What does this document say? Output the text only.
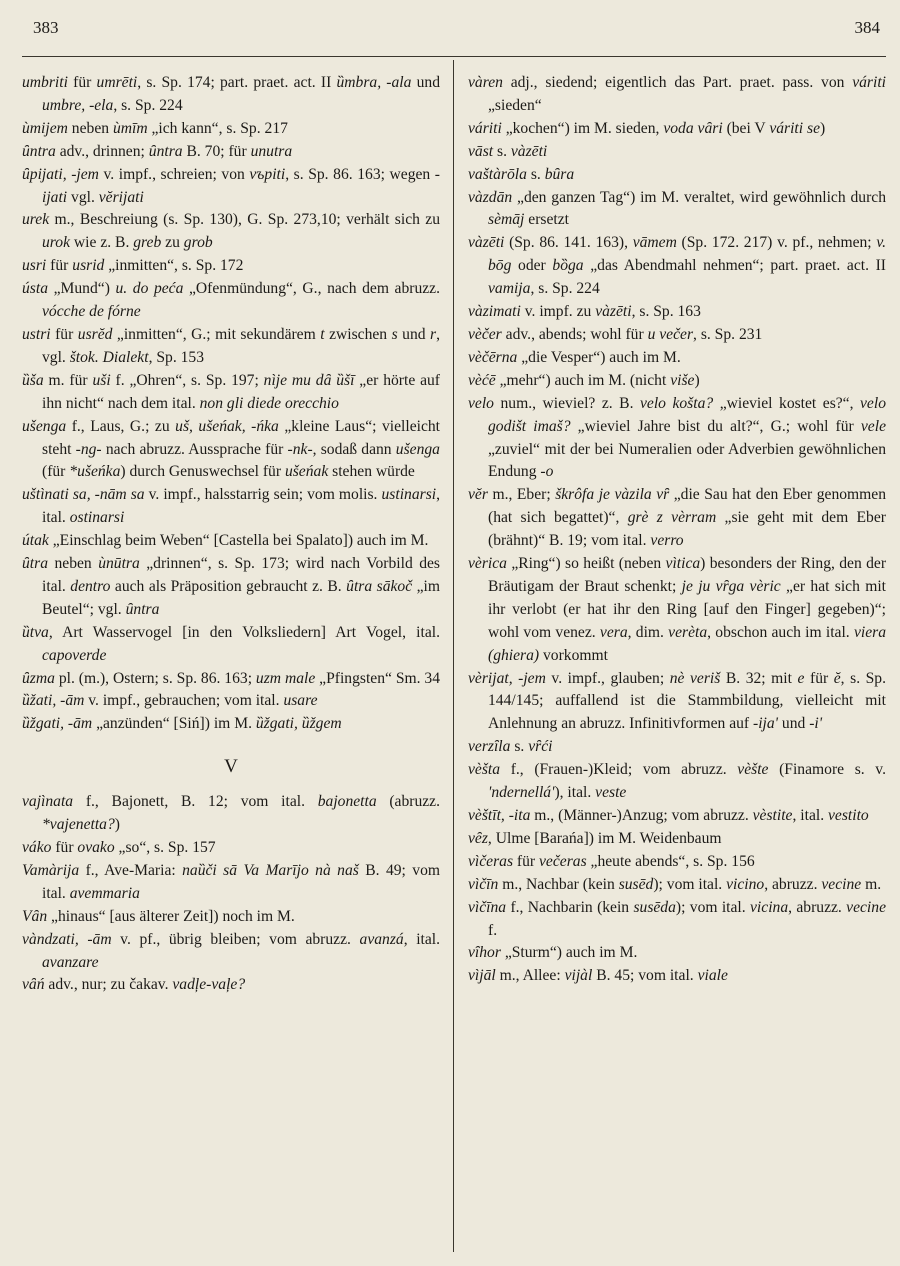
383	384
umbriti für umrēti, s. Sp. 174; part. praet. act. II ȕmbra, -ala und umbre, -ela, s. Sp. 224
ùmijem neben ùmīm „ich kann“, s. Sp. 217
ȗntra adv., drinnen; ȗntra B. 70; für unutra
ȗpijati, -jem v. impf., schreien; von vъpiti, s. Sp. 86. 163; wegen -ijati vgl. vĕrijati
urek m., Beschreiung (s. Sp. 130), G. Sp. 273,10; verhält sich zu urok wie z. B. greb zu grob
usri für usrid „inmitten“, s. Sp. 172
ústa „Mund“) u. do peća „Ofenmündung“, G., nach dem abruzz. vócche de fórne
ustri für usrĕd „inmitten“, G.; mit sekundärem t zwischen s und r, vgl. štok. Dialekt, Sp. 153
ȕša m. für uši f. „Ohren“, s. Sp. 197; nìje mu dȃ ȕšī „er hörte auf ihn nicht“ nach dem ital. non gli diede orecchio
ušenga f., Laus, G.; zu uš, ušeńak, -ńka „kleine Laus“; vielleicht steht -ng- nach abruzz. Aussprache für -nk-, sodaß dann ušenga (für *ušeńka) durch Genuswechsel für ušeńak stehen würde
uštìnati sa, -nām sa v. impf., halsstarrig sein; vom molis. ustinarsi, ital. ostinarsi
útak „Einschlag beim Weben“ [Castella bei Spalato]) auch im M.
ȗtra neben ùnūtra „drinnen“, s. Sp. 173; wird nach Vorbild des ital. dentro auch als Präposition gebraucht z. B. ȗtra sākoč „im Beutel“; vgl. ȗntra
ȕtva, Art Wasservogel [in den Volksliedern] Art Vogel, ital. capoverde
ȗzma pl. (m.), Ostern; s. Sp. 86. 163; uzm male „Pfingsten“ Sm. 34
ȕžati, -ām v. impf., gebrauchen; vom ital. usare
ȕžgati, -ām „anzünden“ [Siń]) im M. ȕžgati, ȕžgem
V
vajìnata f., Bajonett, B. 12; vom ital. bajonetta (abruzz. *vajenetta?)
váko für ovako „so“, s. Sp. 157
Vamàrija f., Ave-Maria: naȕči sā Va Marījo nà naš B. 49; vom ital. avemmaria
Vȃn „hinaus“ [aus älterer Zeit]) noch im M.
vàndzati, -ām v. pf., übrig bleiben; vom abruzz. avanzá, ital. avanzare
vȃń adv., nur; zu čakav. vadļe-vaļe?
vàren adj., siedend; eigentlich das Part. praet. pass. von váriti „sieden“
váriti „kochen“) im M. sieden, voda vȃri (bei V váriti se)
vāst s. vàzēti
vaštàrōla s. bȗra
vàzdān „den ganzen Tag“) im M. veraltet, wird gewöhnlich durch sèmāj ersetzt
vàzēti (Sp. 86. 141. 163), vāmem (Sp. 172. 217) v. pf., nehmen; v. bōg oder bȍga „das Abendmahl nehmen“; part. praet. act. II vamija, s. Sp. 224
vàzimati v. impf. zu vàzēti, s. Sp. 163
vèčer adv., abends; wohl für u večer, s. Sp. 231
vèčērna „die Vesper“) auch im M.
vèćē „mehr“) auch im M. (nicht više)
velo num., wieviel? z. B. velo košta? „wieviel kostet es?“, velo godišt imaš? „wieviel Jahre bist du alt?“, G.; wohl für vele „zuviel“ mit der bei Numeralien oder Adverbien gewöhnlichen Endung -o
vĕr m., Eber; škrôfa je vàzila vȓ „die Sau hat den Eber genommen (hat sich begattet)“, grè z vèrram „sie geht mit dem Eber (brähnt)“ B. 19; vom ital. verro
vèrica „Ring“) so heißt (neben vìtica) besonders der Ring, den der Bräutigam der Braut schenkt; je ju vȓga vèric „er hat sich mit ihr verlobt (er hat ihr den Ring [auf den Finger] gegeben)“; wohl vom venez. vera, dim. verèta, obschon auch im ital. viera (ghiera) vorkommt
vèrijat, -jem v. impf., glauben; nè veriš B. 32; mit e für ĕ, s. Sp. 144/145; auffallend ist die Stammbildung, vielleicht mit Anlehnung an abruzz. Infinitivformen auf -ija' und -i'
verzȋla s. vȓći
vèšta f., (Frauen-)Kleid; vom abruzz. vèšte (Finamore s. v. 'ndernellá'), ital. veste
vèštīt, -ita m., (Männer-)Anzug; vom abruzz. vèstite, ital. vestito
vȇz, Ulme [Barańa]) im M. Weidenbaum
vìčeras für večeras „heute abends“, s. Sp. 156
vìčīn m., Nachbar (kein susēd); vom ital. vicino, abruzz. vecine m.
vìčīna f., Nachbarin (kein susēda); vom ital. vicina, abruzz. vecine f.
vȋhor „Sturm“) auch im M.
vìjāl m., Allee: vijàl B. 45; vom ital. viale
